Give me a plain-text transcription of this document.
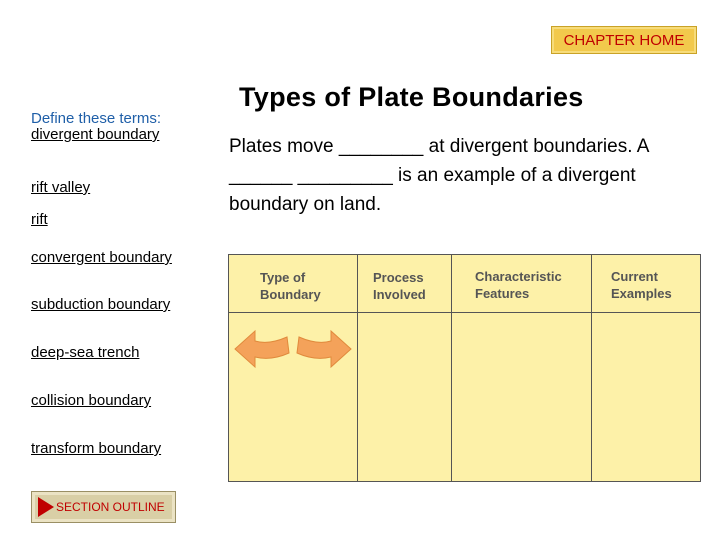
CHAPTER HOME
Define these terms:
divergent boundary
rift valley
rift
convergent boundary
subduction boundary
deep-sea trench
collision boundary
transform boundary
Types of Plate Boundaries
Plates move ________ at divergent boundaries. A ______ _________ is an example of a divergent boundary on land.
Type of Boundary
Process Involved
Characteristic Features
Current Examples
SECTION OUTLINE
